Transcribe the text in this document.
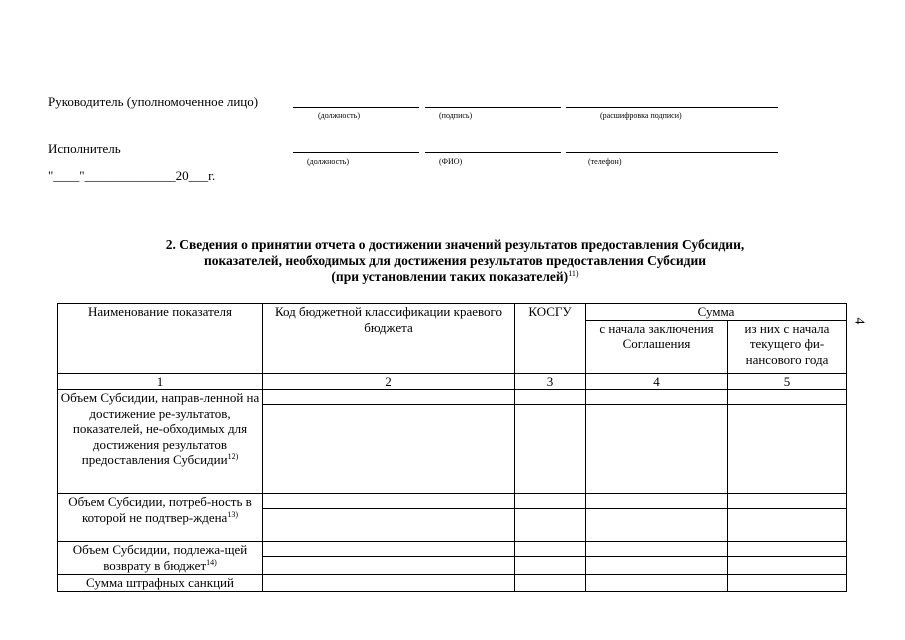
Руководитель (уполномоченное лицо)
(должность)	(подпись)	(расшифровка подписи)
Исполнитель
(должность)	(ФИО)	(телефон)
"____"______________20___г.
2. Сведения о принятии отчета о достижении значений результатов предоставления Субсидии,
показателей, необходимых для достижения результатов предоставления Субсидии
(при установлении таких показателей)$^{11)}$
4
Наименование показателя	Код бюджетной классификации краевого бюджета	КОСГУ	Сумма	
			с начала заключения Соглашения	из них с начала текущего фи-нансового года
1	2	3	4	5
Объем Субсидии, направ-ленной на достижение ре-зультатов, показателей, не-обходимых для достижения результатов предоставления Субсидии$^{12)}$				

Объем Субсидии, потреб-ность в которой не подтвер-ждена$^{13)}$				

Объем Субсидии, подлежа-щей возврату в бюджет$^{14)}$				

Сумма штрафных санкций				
